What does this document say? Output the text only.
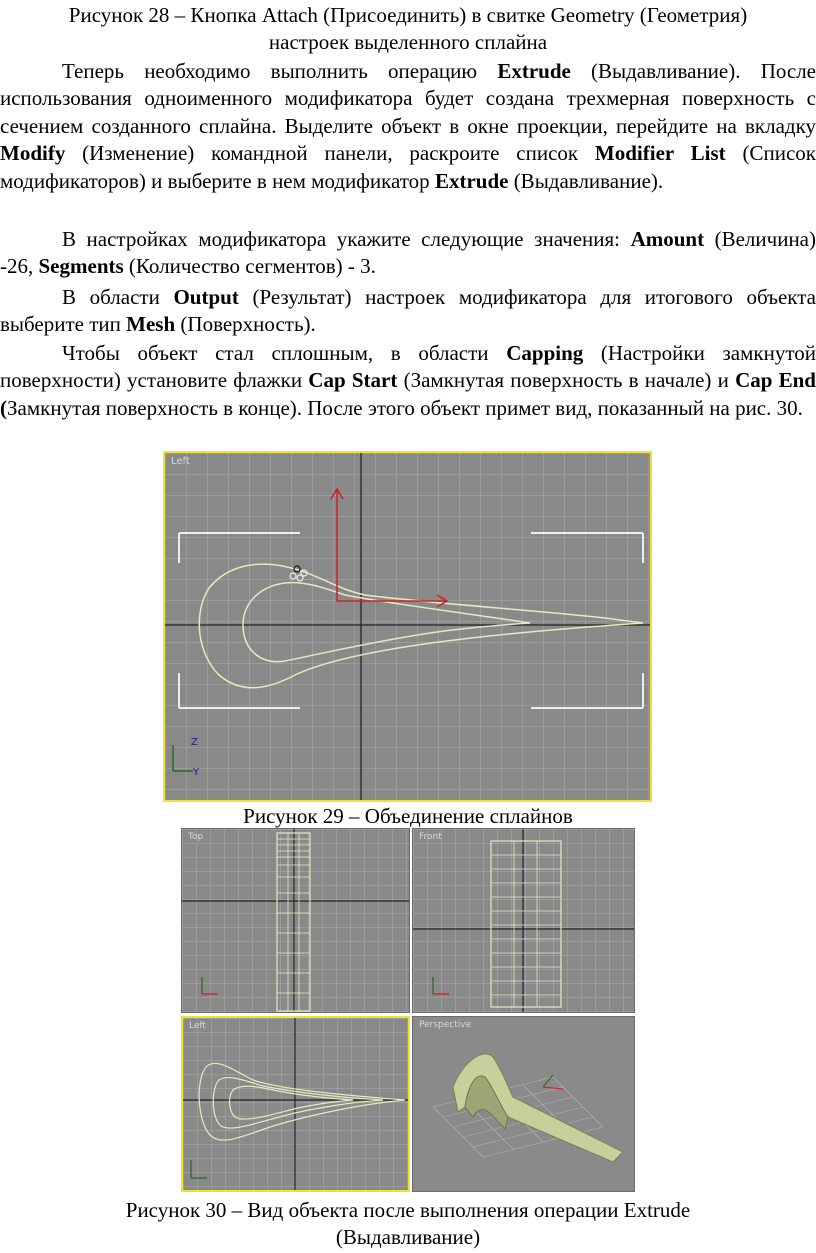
Рисунок 28 – Кнопка Attach (Присоединить) в свитке Geometry (Геометрия)
настроек выделенного сплайна
Теперь необходимо выполнить операцию Extrude (Выдавливание). После использования одноименного модификатора будет создана трехмерная поверхность с сечением созданного сплайна. Выделите объект в окне проекции, перейдите на вкладку Modify (Изменение) командной панели, раскроите список Modifier List (Список модификаторов) и выберите в нем модификатор Extrude (Выдавливание).
В настройках модификатора укажите следующие значения: Amount (Величина) -26, Segments (Количество сегментов) - 3.
В области Output (Результат) настроек модификатора для итогового объекта выберите тип Mesh (Поверхность).
Чтобы объект стал сплошным, в области Capping (Настройки замкнутой поверхности) установите флажки Cap Start (Замкнутая поверхность в начале) и Cap End (Замкнутая поверхность в конце). После этого объект примет вид, показанный на рис. 30.
Left
Z
Y
Рисунок 29 – Объединение сплайнов
Top	Front
Left	Perspective
Рисунок 30 – Вид объекта после выполнения операции Extrude
(Выдавливание)
